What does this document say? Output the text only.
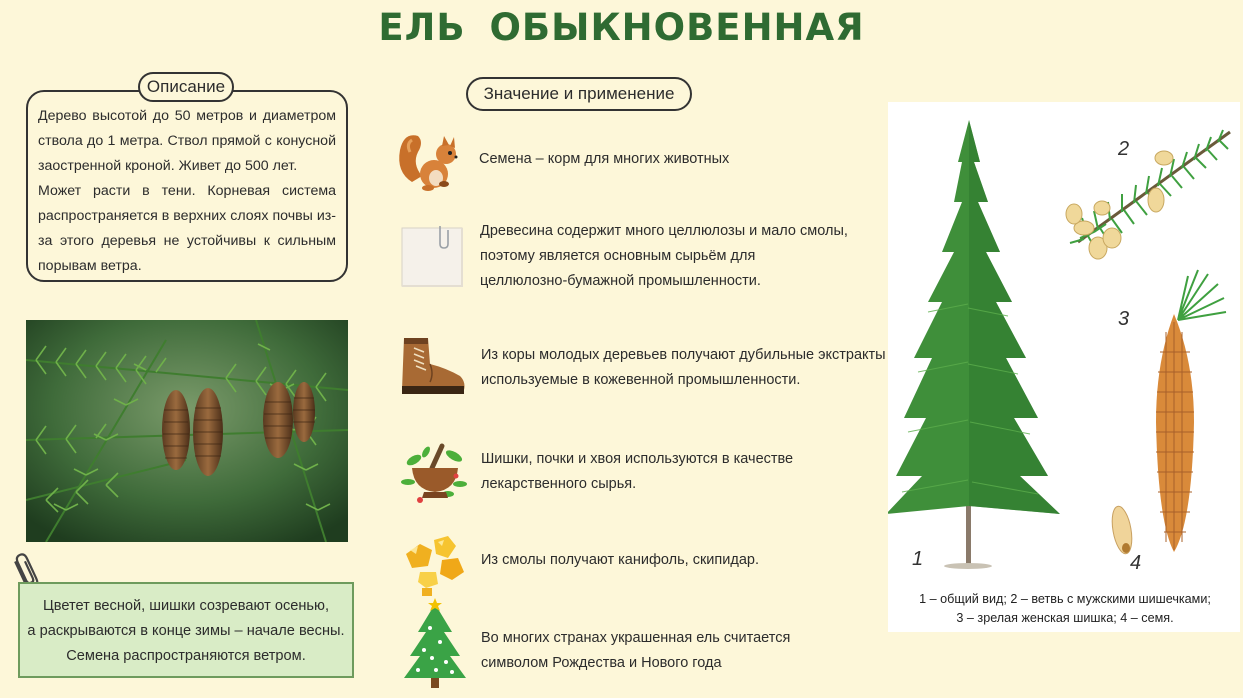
ЕЛЬ ОБЫКНОВЕННАЯ

Дерево высотой до 50 метров и диаметром ствола до 1 метра. Ствол прямой с конусной заостренной кроной. Живет до 500 лет.

Может расти в тени. Корневая система распространяется в верхних слоях почвы из-за этого деревья не устойчивы к сильным порывам ветра.

Описание

Цветет весной, шишки созревают осенью,

а раскрываются в конце зимы – начале весны.

Семена распространяются ветром.

Значение и применение
Семена – корм для многих животных
Древесина содержит много целлюлозы и мало смолы,
поэтому является основным сырьём для
целлюлозно-бумажной промышленности.
Из коры молодых деревьев получают дубильные экстракты
используемые в кожевенной промышленности.
Шишки, почки и хвоя используются в качестве
лекарственного сырья.
Из смолы получают канифоль, скипидар.
Во многих странах украшенная ель считается
символом Рождества и Нового года
1
2
3
4

1 – общий вид; 2 – ветвь с мужскими шишечками;

3 – зрелая женская шишка; 4 – семя.
